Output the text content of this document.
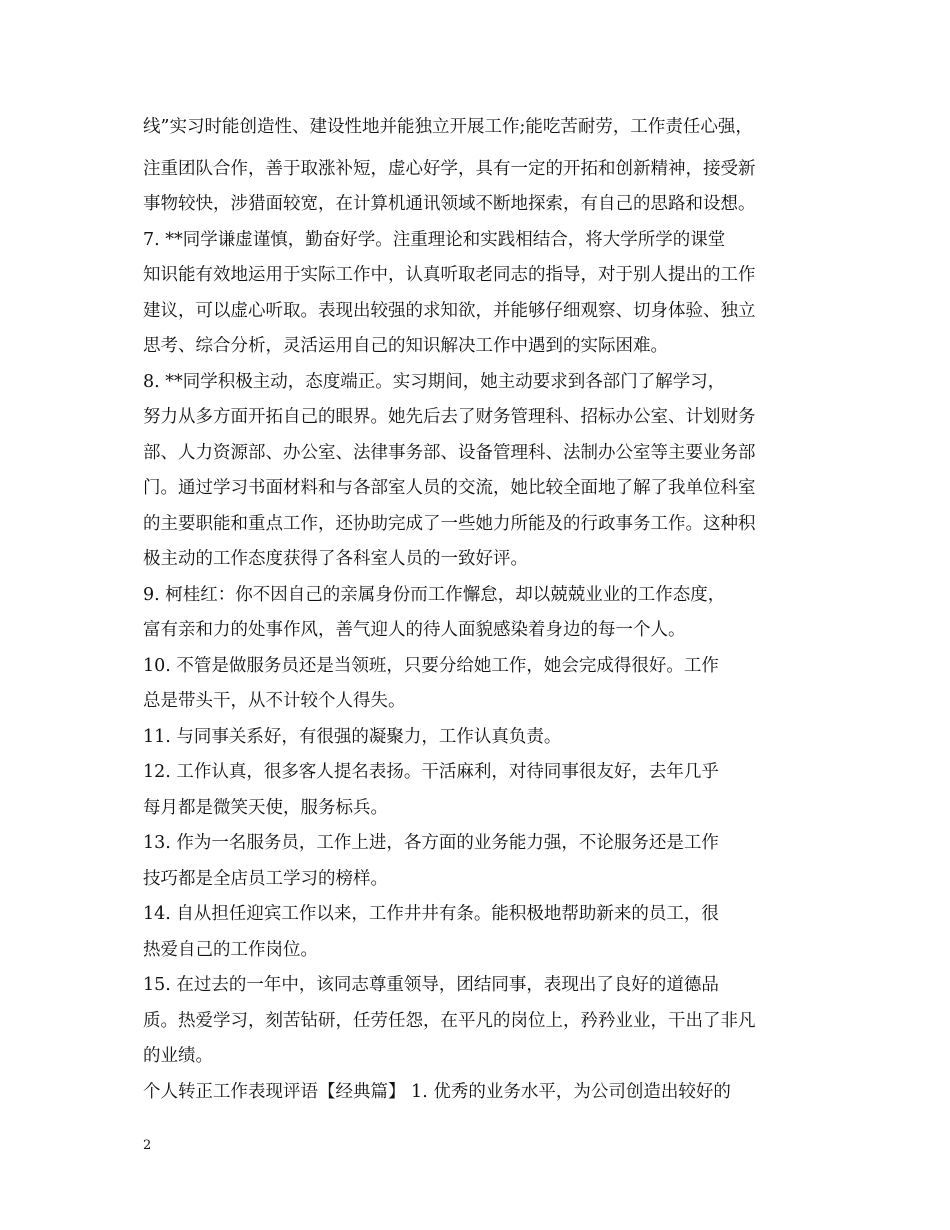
线”实习时能创造性、建设性地并能独立开展工作;能吃苦耐劳，工作责任心强，
注重团队合作，善于取涨补短，虚心好学，具有一定的开拓和创新精神，接受新
事物较快，涉猎面较宽，在计算机通讯领域不断地探索，有自己的思路和设想。
7. **同学谦虚谨慎，勤奋好学。注重理论和实践相结合，将大学所学的课堂
知识能有效地运用于实际工作中，认真听取老同志的指导，对于别人提出的工作
建议，可以虚心听取。表现出较强的求知欲，并能够仔细观察、切身体验、独立
思考、综合分析，灵活运用自己的知识解决工作中遇到的实际困难。
8. **同学积极主动，态度端正。实习期间，她主动要求到各部门了解学习，
努力从多方面开拓自己的眼界。她先后去了财务管理科、招标办公室、计划财务
部、人力资源部、办公室、法律事务部、设备管理科、法制办公室等主要业务部
门。通过学习书面材料和与各部室人员的交流，她比较全面地了解了我单位科室
的主要职能和重点工作，还协助完成了一些她力所能及的行政事务工作。这种积
极主动的工作态度获得了各科室人员的一致好评。
9. 柯桂红：你不因自己的亲属身份而工作懈怠，却以兢兢业业的工作态度，
富有亲和力的处事作风，善气迎人的待人面貌感染着身边的每一个人。
10. 不管是做服务员还是当领班，只要分给她工作，她会完成得很好。工作
总是带头干，从不计较个人得失。
11. 与同事关系好，有很强的凝聚力，工作认真负责。
12. 工作认真，很多客人提名表扬。干活麻利，对待同事很友好，去年几乎
每月都是微笑天使，服务标兵。
13. 作为一名服务员，工作上进，各方面的业务能力强，不论服务还是工作
技巧都是全店员工学习的榜样。
14. 自从担任迎宾工作以来，工作井井有条。能积极地帮助新来的员工，很
热爱自己的工作岗位。
15. 在过去的一年中，该同志尊重领导，团结同事，表现出了良好的道德品
质。热爱学习，刻苦钻研，任劳任怨，在平凡的岗位上，矜矜业业，干出了非凡
的业绩。
个人转正工作表现评语【经典篇】 1. 优秀的业务水平，为公司创造出较好的
2
